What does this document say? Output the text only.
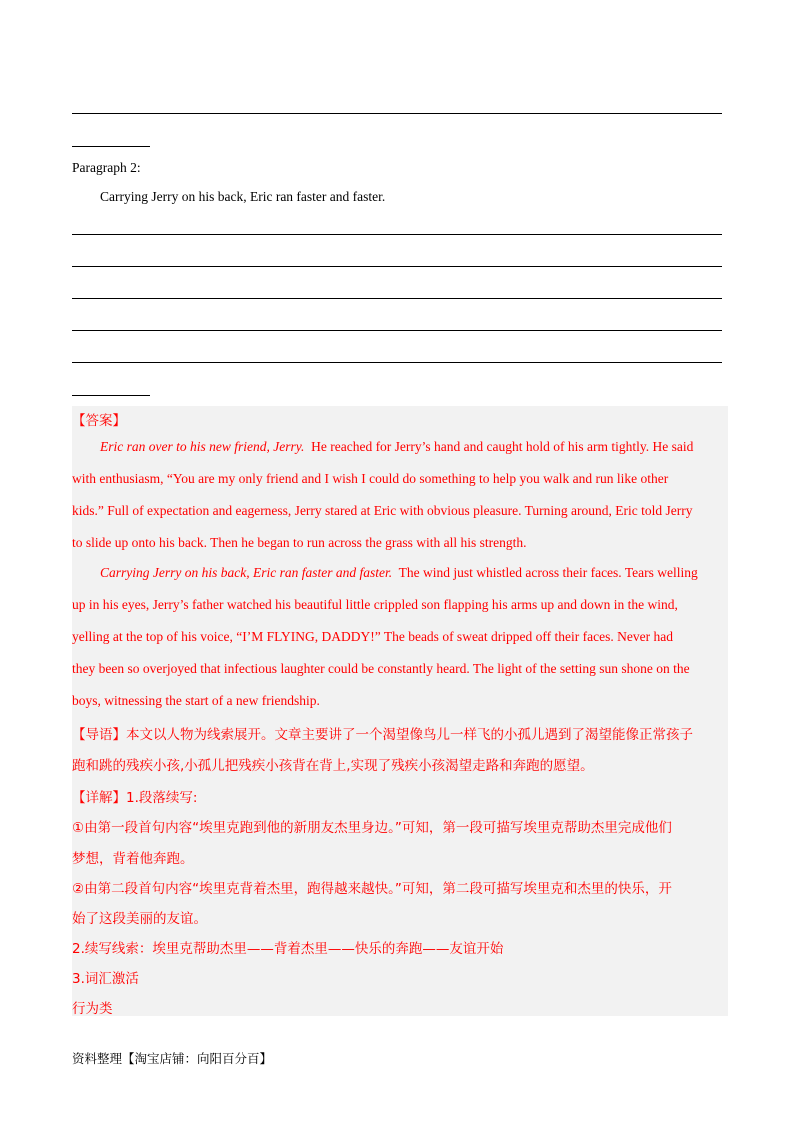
Paragraph 2:
Carrying Jerry on his back, Eric ran faster and faster.
【答案】
Eric ran over to his new friend, Jerry.  He reached for Jerry’s hand and caught hold of his arm tightly. He said
with enthusiasm, “You are my only friend and I wish I could do something to help you walk and run like other
kids.” Full of expectation and eagerness, Jerry stared at Eric with obvious pleasure. Turning around, Eric told Jerry
to slide up onto his back. Then he began to run across the grass with all his strength.
Carrying Jerry on his back, Eric ran faster and faster.  The wind just whistled across their faces. Tears welling
up in his eyes, Jerry’s father watched his beautiful little crippled son flapping his arms up and down in the wind,
yelling at the top of his voice, “I’M FLYING, DADDY!” The beads of sweat dripped off their faces. Never had
they been so overjoyed that infectious laughter could be constantly heard. The light of the setting sun shone on the
boys, witnessing the start of a new friendship.
【导语】本文以人物为线索展开。文章主要讲了一个渴望像鸟儿一样飞的小孤儿遇到了渴望能像正常孩子
跑和跳的残疾小孩,小孤儿把残疾小孩背在背上,实现了残疾小孩渴望走路和奔跑的愿望。
【详解】1.段落续写:
①由第一段首句内容“埃里克跑到他的新朋友杰里身边。”可知，第一段可描写埃里克帮助杰里完成他们
梦想，背着他奔跑。
②由第二段首句内容“埃里克背着杰里，跑得越来越快。”可知，第二段可描写埃里克和杰里的快乐，开
始了这段美丽的友谊。
2.续写线索：埃里克帮助杰里——背着杰里——快乐的奔跑——友谊开始
3.词汇激活
行为类
资料整理【淘宝店铺：向阳百分百】
